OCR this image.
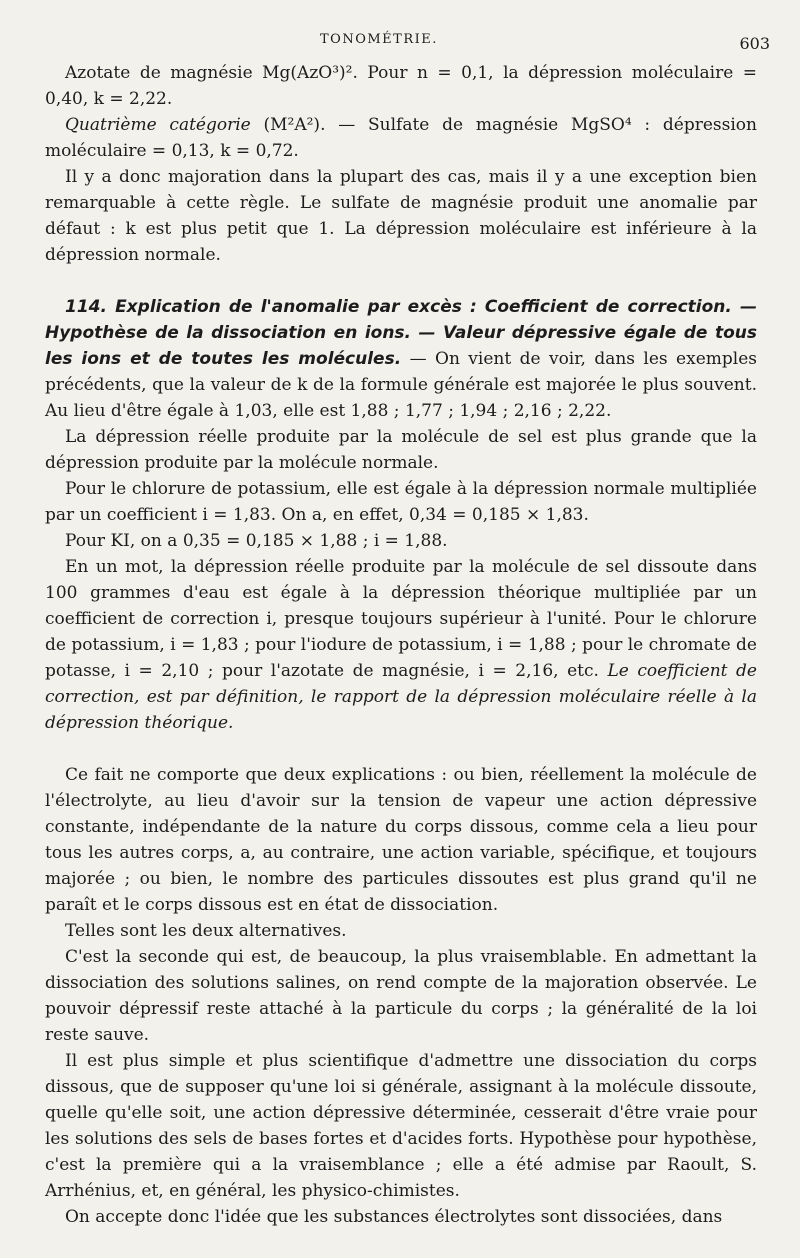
TONOMÉTRIE.	603

Azotate de magnésie Mg(AzO³)². Pour n = 0,1, la dépression moléculaire = 0,40, k = 2,22.

Quatrième catégorie (M²A²). — Sulfate de magnésie MgSO⁴ : dépression moléculaire = 0,13, k = 0,72.

Il y a donc majoration dans la plupart des cas, mais il y a une exception bien remarquable à cette règle. Le sulfate de magnésie produit une anomalie par défaut : k est plus petit que 1. La dépression moléculaire est inférieure à la dépression normale.

114. Explication de l'anomalie par excès : Coefficient de correction. — Hypothèse de la dissociation en ions. — Valeur dépressive égale de tous les ions et de toutes les molécules. — On vient de voir, dans les exemples précédents, que la valeur de k de la formule générale est majorée le plus souvent. Au lieu d'être égale à 1,03, elle est 1,88 ; 1,77 ; 1,94 ; 2,16 ; 2,22.

La dépression réelle produite par la molécule de sel est plus grande que la dépression produite par la molécule normale.

Pour le chlorure de potassium, elle est égale à la dépression normale multipliée par un coefficient i = 1,83. On a, en effet, 0,34 = 0,185 × 1,83.

Pour KI, on a 0,35 = 0,185 × 1,88 ; i = 1,88.

En un mot, la dépression réelle produite par la molécule de sel dissoute dans 100 grammes d'eau est égale à la dépression théorique multipliée par un coefficient de correction i, presque toujours supérieur à l'unité. Pour le chlorure de potassium, i = 1,83 ; pour l'iodure de potassium, i = 1,88 ; pour le chromate de potasse, i = 2,10 ; pour l'azotate de magnésie, i = 2,16, etc. Le coefficient de correction, est par définition, le rapport de la dépression moléculaire réelle à la dépression théorique.

Ce fait ne comporte que deux explications : ou bien, réellement la molécule de l'électrolyte, au lieu d'avoir sur la tension de vapeur une action dépressive constante, indépendante de la nature du corps dissous, comme cela a lieu pour tous les autres corps, a, au contraire, une action variable, spécifique, et toujours majorée ; ou bien, le nombre des particules dissoutes est plus grand qu'il ne paraît et le corps dissous est en état de dissociation.

Telles sont les deux alternatives.

C'est la seconde qui est, de beaucoup, la plus vraisemblable. En admettant la dissociation des solutions salines, on rend compte de la majoration observée. Le pouvoir dépressif reste attaché à la particule du corps ; la généralité de la loi reste sauve.

Il est plus simple et plus scientifique d'admettre une dissociation du corps dissous, que de supposer qu'une loi si générale, assignant à la molécule dissoute, quelle qu'elle soit, une action dépressive déterminée, cesserait d'être vraie pour les solutions des sels de bases fortes et d'acides forts. Hypothèse pour hypothèse, c'est la première qui a la vraisemblance ; elle a été admise par Raoult, S. Arrhénius, et, en général, les physico-chimistes.

On accepte donc l'idée que les substances électrolytes sont dissociées, dans
